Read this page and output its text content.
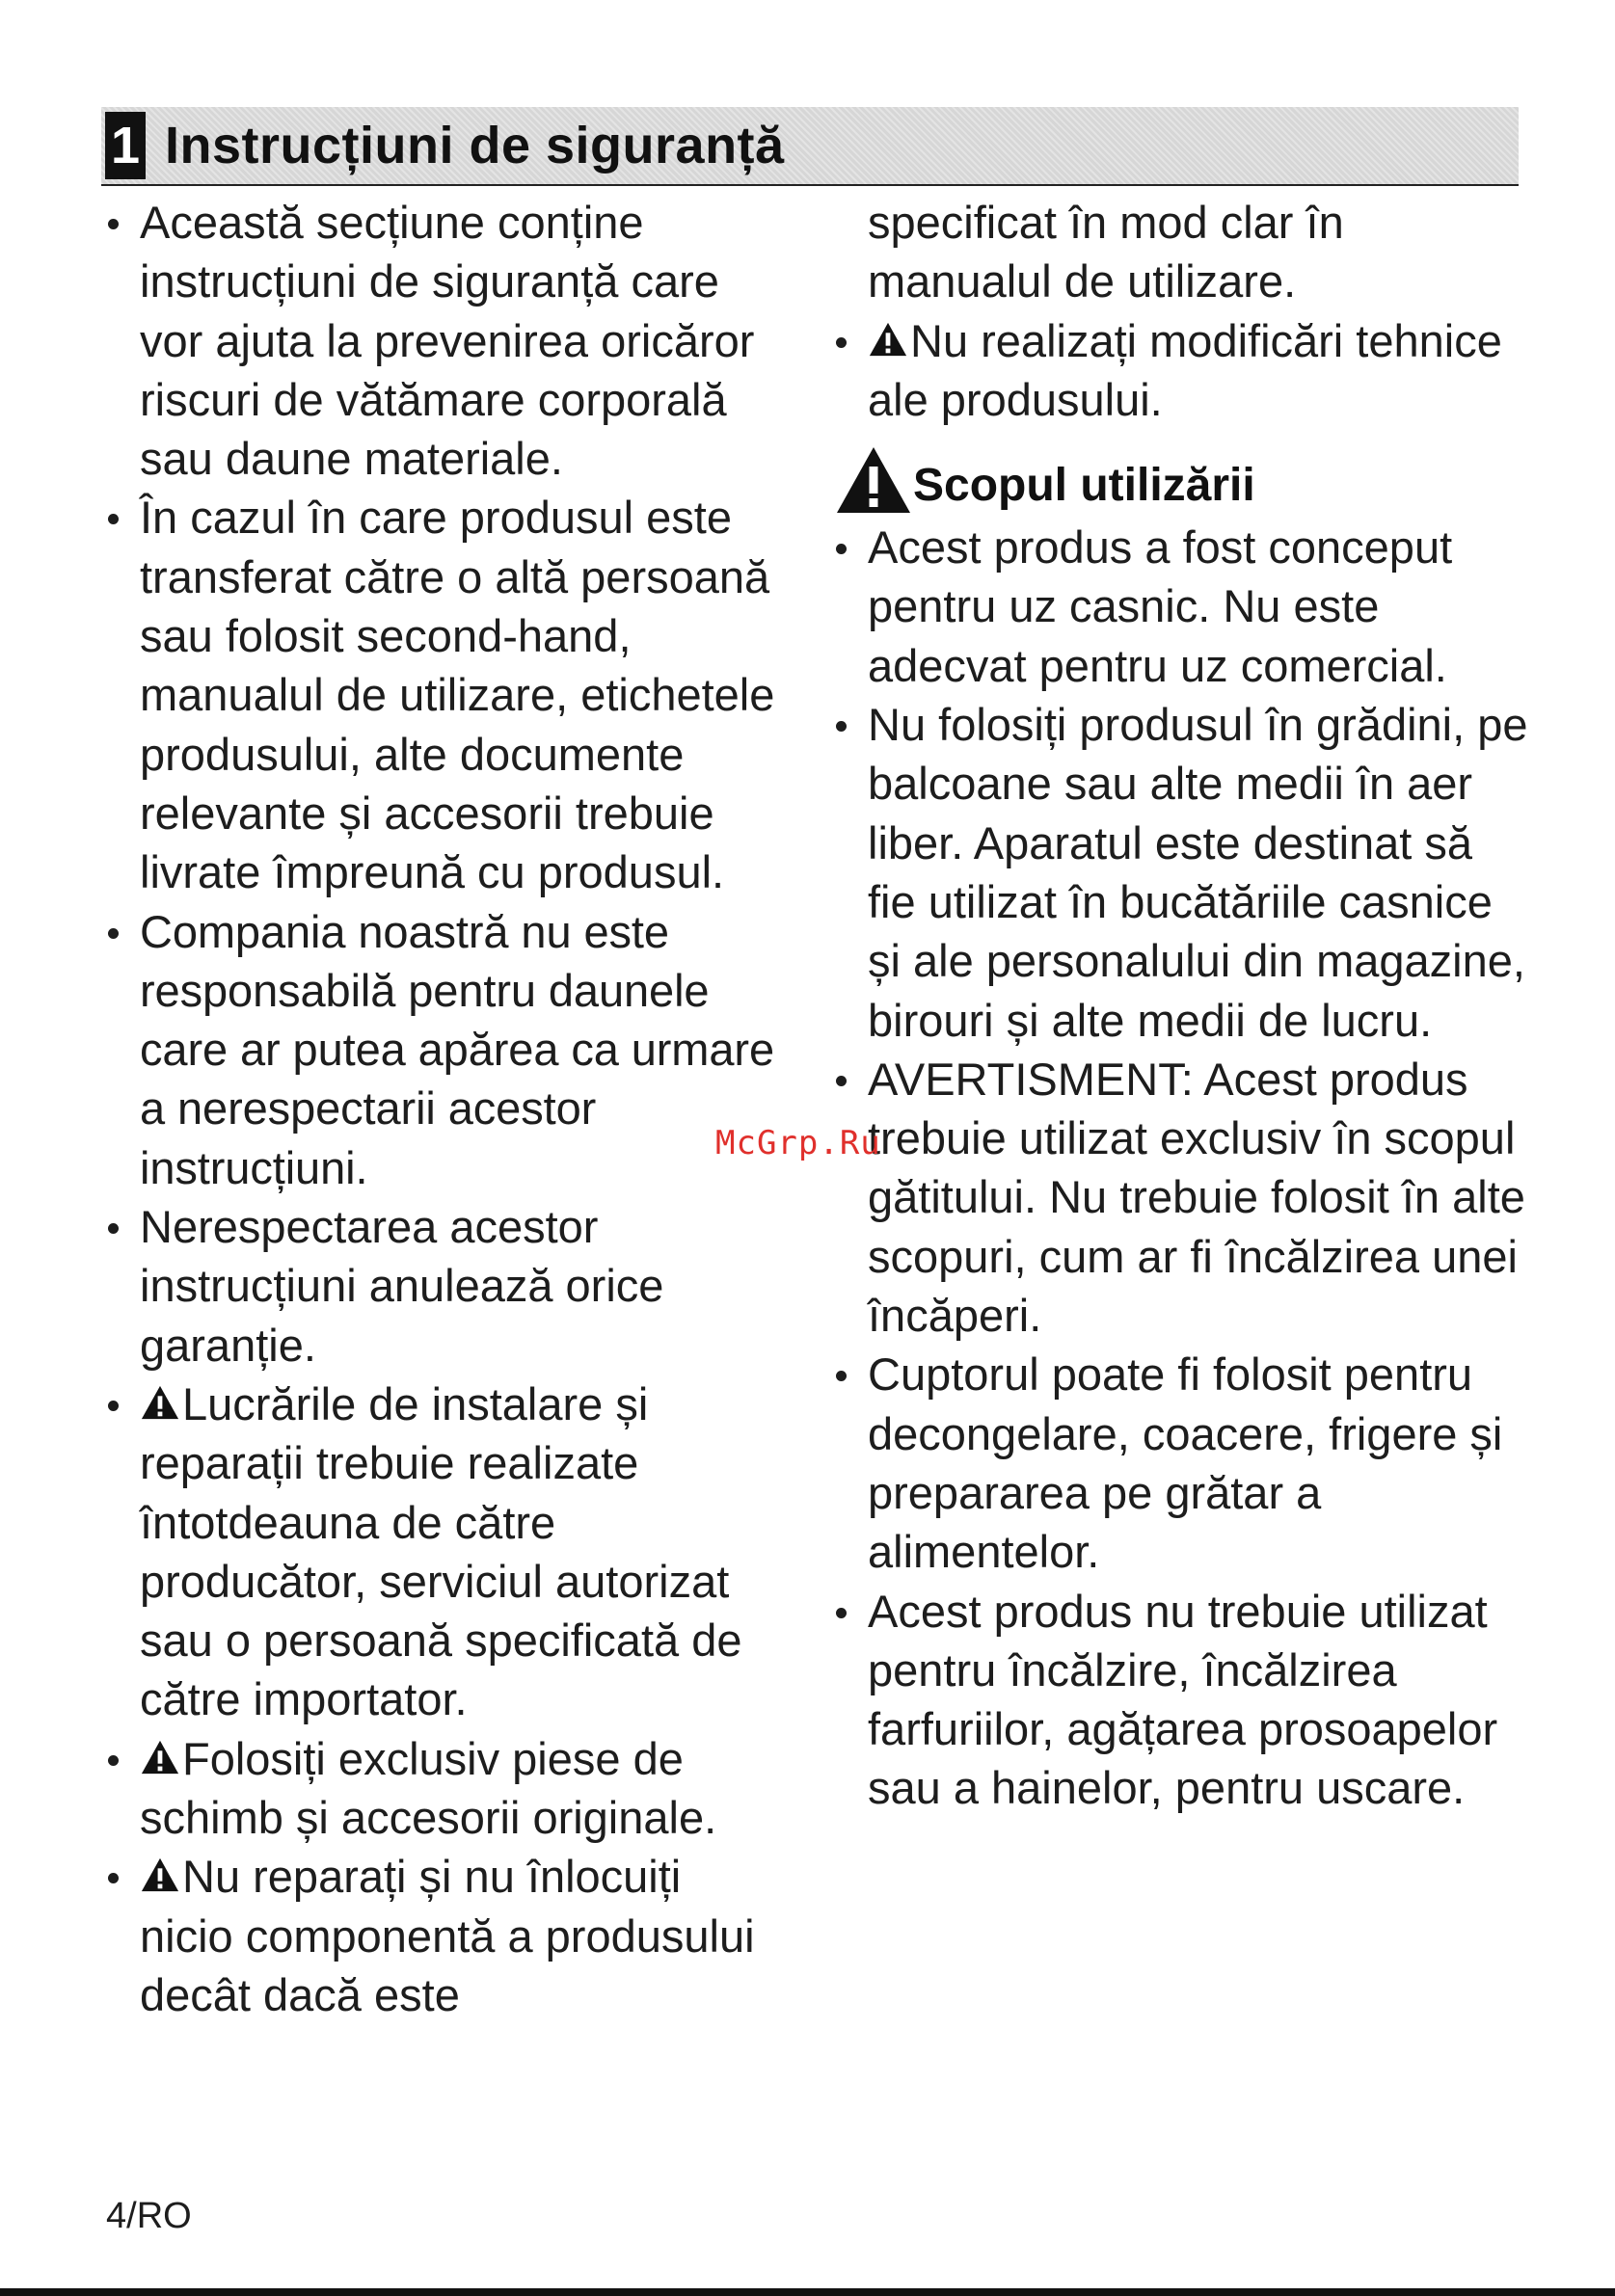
1 Instrucțiuni de siguranță
Această secțiune conține instrucțiuni de siguranță care vor ajuta la prevenirea oricăror riscuri de vătămare corporală sau daune materiale.
În cazul în care produsul este transferat către o altă persoană sau folosit second-hand, manualul de utilizare, etichetele produsului, alte documente relevante și accesorii trebuie livrate împreună cu produsul.
Compania noastră nu este responsabilă pentru daunele care ar putea apărea ca urmare a nerespectarii acestor instrucțiuni.
Nerespectarea acestor instrucțiuni anulează orice garanție.
Lucrările de instalare și reparații trebuie realizate întotdeauna de către producător, serviciul autorizat sau o persoană specificată de către importator.
Folosiți exclusiv piese de schimb și accesorii originale.
Nu reparați și nu înlocuiți nicio componentă a produsului decât dacă este
specificat în mod clar în manualul de utilizare.
Nu realizați modificări tehnice ale produsului.
Scopul utilizării
Acest produs a fost conceput pentru uz casnic. Nu este adecvat pentru uz comercial.
Nu folosiți produsul în grădini, pe balcoane sau alte medii în aer liber. Aparatul este destinat să fie utilizat în bucătăriile casnice și ale personalului din magazine, birouri și alte medii de lucru.
AVERTISMENT: Acest produs trebuie utilizat exclusiv în scopul gătitului. Nu trebuie folosit în alte scopuri, cum ar fi încălzirea unei încăperi.
Cuptorul poate fi folosit pentru decongelare, coacere, frigere și prepararea pe grătar a alimentelor.
Acest produs nu trebuie utilizat pentru încălzire, încălzirea farfuriilor, agățarea prosoapelor sau a hainelor, pentru uscare.
McGrp.Ru
4/RO
